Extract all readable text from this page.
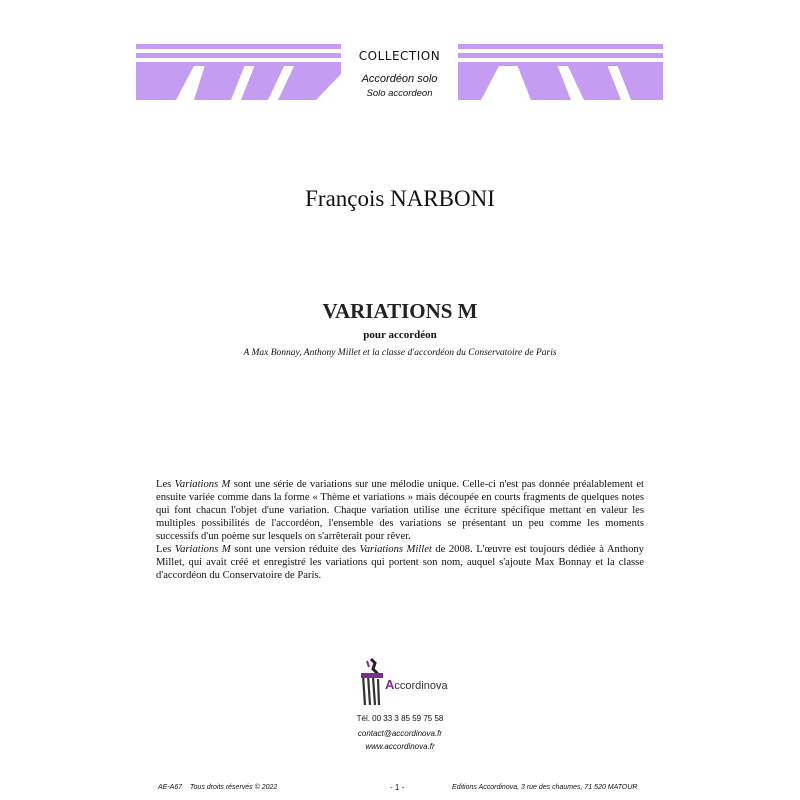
COLLECTION
Accordéon solo
Solo accordeon
François NARBONI
VARIATIONS M
pour accordéon
A Max Bonnay, Anthony Millet et la classe d'accordéon du Conservatoire de Paris

Les Variations M sont une série de variations sur une mélodie unique. Celle-ci n'est pas donnée préalablement et ensuite variée comme dans la forme « Thème et variations » mais découpée en courts fragments de quelques notes qui font chacun l'objet d'une variation. Chaque variation utilise une écriture spécifique mettant en valeur les multiples possibilités de l'accordéon, l'ensemble des variations se présentant un peu comme les moments successifs d'un poème sur lesquels on s'arrêterait pour rêver.

Les Variations M sont une version réduite des Variations Millet de 2008. L'œuvre est toujours dédiée à Anthony Millet, qui avait créé et enregistré les variations qui portent son nom, auquel s'ajoute Max Bonnay et la classe d'accordéon du Conservatoire de Paris.

Accordinova
Tél. 00 33 3 85 59 75 58
contact@accordinova.fr
www.accordinova.fr
AE-A67 Tous droits réservés © 2022	- 1 -	Editions Accordinova, 3 rue des chaumes, 71 520 MATOUR
